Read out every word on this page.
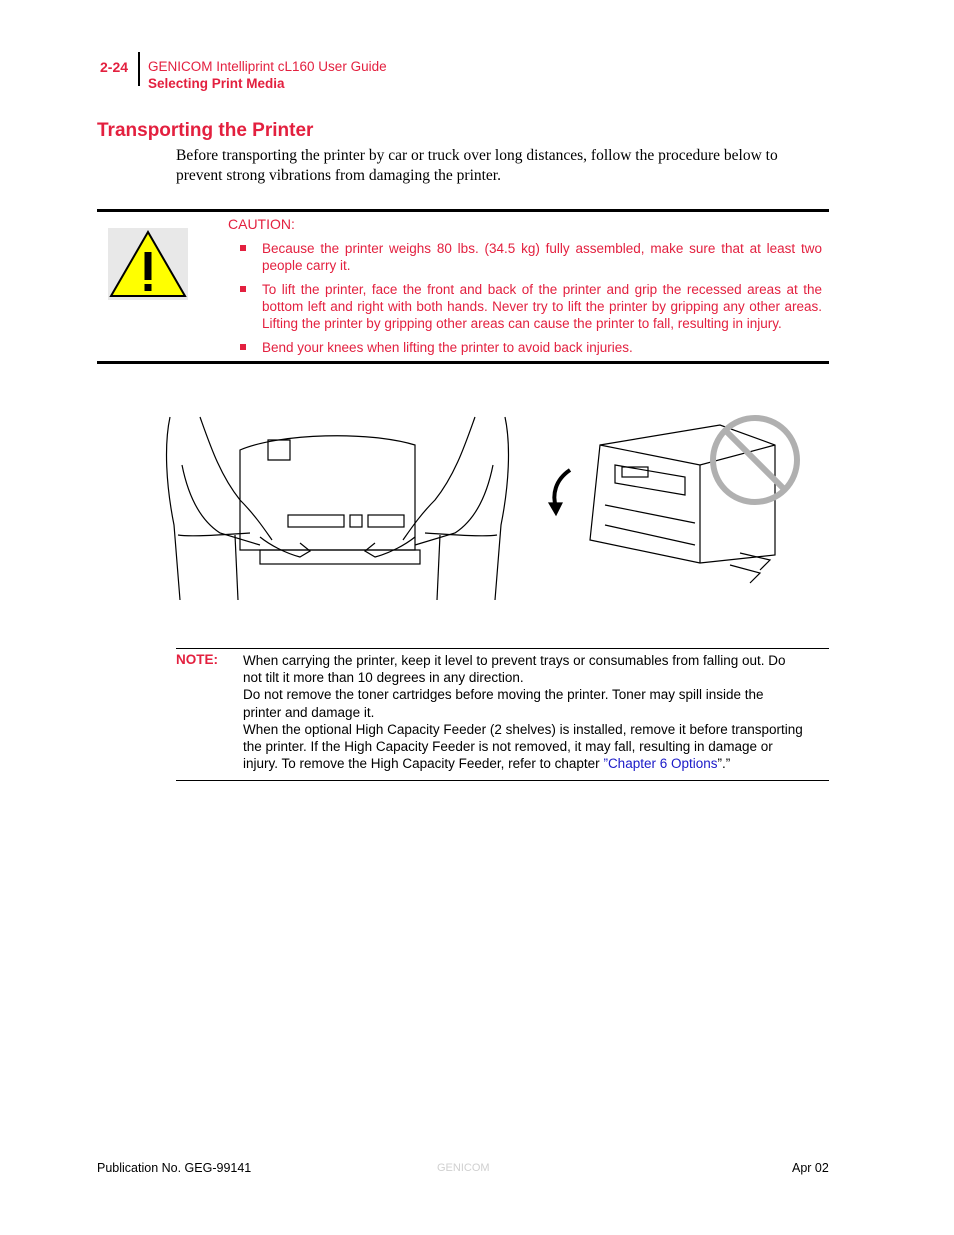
2-24 GENICOM Intelliprint cL160 User Guide
Selecting Print Media
Transporting the Printer
Before transporting the printer by car or truck over long distances, follow the procedure below to prevent strong vibrations from damaging the printer.
CAUTION:
Because the printer weighs 80 lbs. (34.5 kg) fully assembled, make sure that at least two people carry it.
To lift the printer, face the front and back of the printer and grip the recessed areas at the bottom left and right with both hands. Never try to lift the printer by gripping any other areas. Lifting the printer by gripping other areas can cause the printer to fall, resulting in injury.
Bend your knees when lifting the printer to avoid back injuries.
NOTE: When carrying the printer, keep it level to prevent trays or consumables from falling out. Do not tilt it more than 10 degrees in any direction.
Do not remove the toner cartridges before moving the printer. Toner may spill inside the printer and damage it.
When the optional High Capacity Feeder (2 shelves) is installed, remove it before transporting the printer. If the High Capacity Feeder is not removed, it may fall, resulting in damage or injury. To remove the High Capacity Feeder, refer to chapter ”Chapter 6 Options”.”
Publication No. GEG-99141	GENICOM	Apr 02
